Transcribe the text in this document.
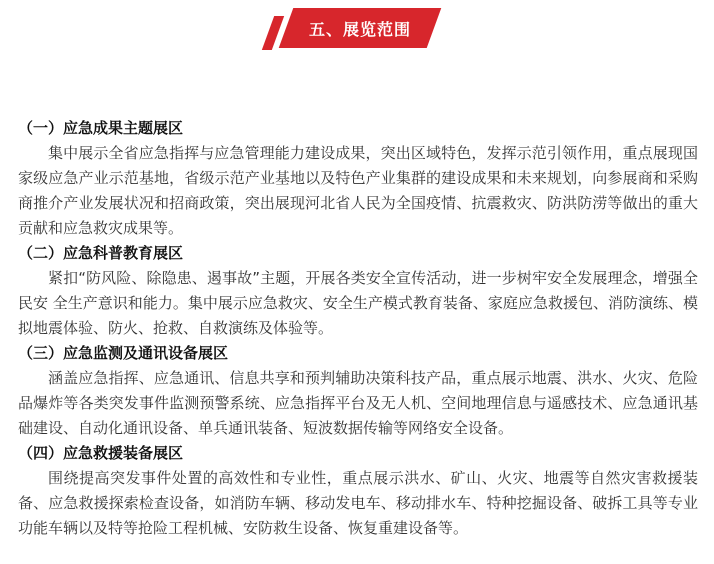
五、展览范围

（一）应急成果主题展区

集中展示全省应急指挥与应急管理能力建设成果，突出区域特色，发挥示范引领作用，重点展现国家级应急产业示范基地，省级示范产业基地以及特色产业集群的建设成果和未来规划，向参展商和采购商推介产业发展状况和招商政策，突出展现河北省人民为全国疫情、抗震救灾、防洪防涝等做出的重大贡献和应急救灾成果等。

（二）应急科普教育展区

紧扣“防风险、除隐患、遏事故”主题，开展各类安全宣传活动，进一步树牢安全发展理念，增强全民安 全生产意识和能力。集中展示应急救灾、安全生产模式教育装备、家庭应急救援包、消防演练、模拟地震体验、防火、抢救、自救演练及体验等。

（三）应急监测及通讯设备展区

涵盖应急指挥、应急通讯、信息共享和预判辅助决策科技产品，重点展示地震、洪水、火灾、危险品爆炸等各类突发事件监测预警系统、应急指挥平台及无人机、空间地理信息与遥感技术、应急通讯基础建设、自动化通讯设备、单兵通讯装备、短波数据传输等网络安全设备。

（四）应急救援装备展区

围绕提高突发事件处置的高效性和专业性，重点展示洪水、矿山、火灾、地震等自然灾害救援装备、应急救援探索检查设备，如消防车辆、移动发电车、移动排水车、特种挖掘设备、破拆工具等专业功能车辆以及特等抢险工程机械、安防救生设备、恢复重建设备等。
